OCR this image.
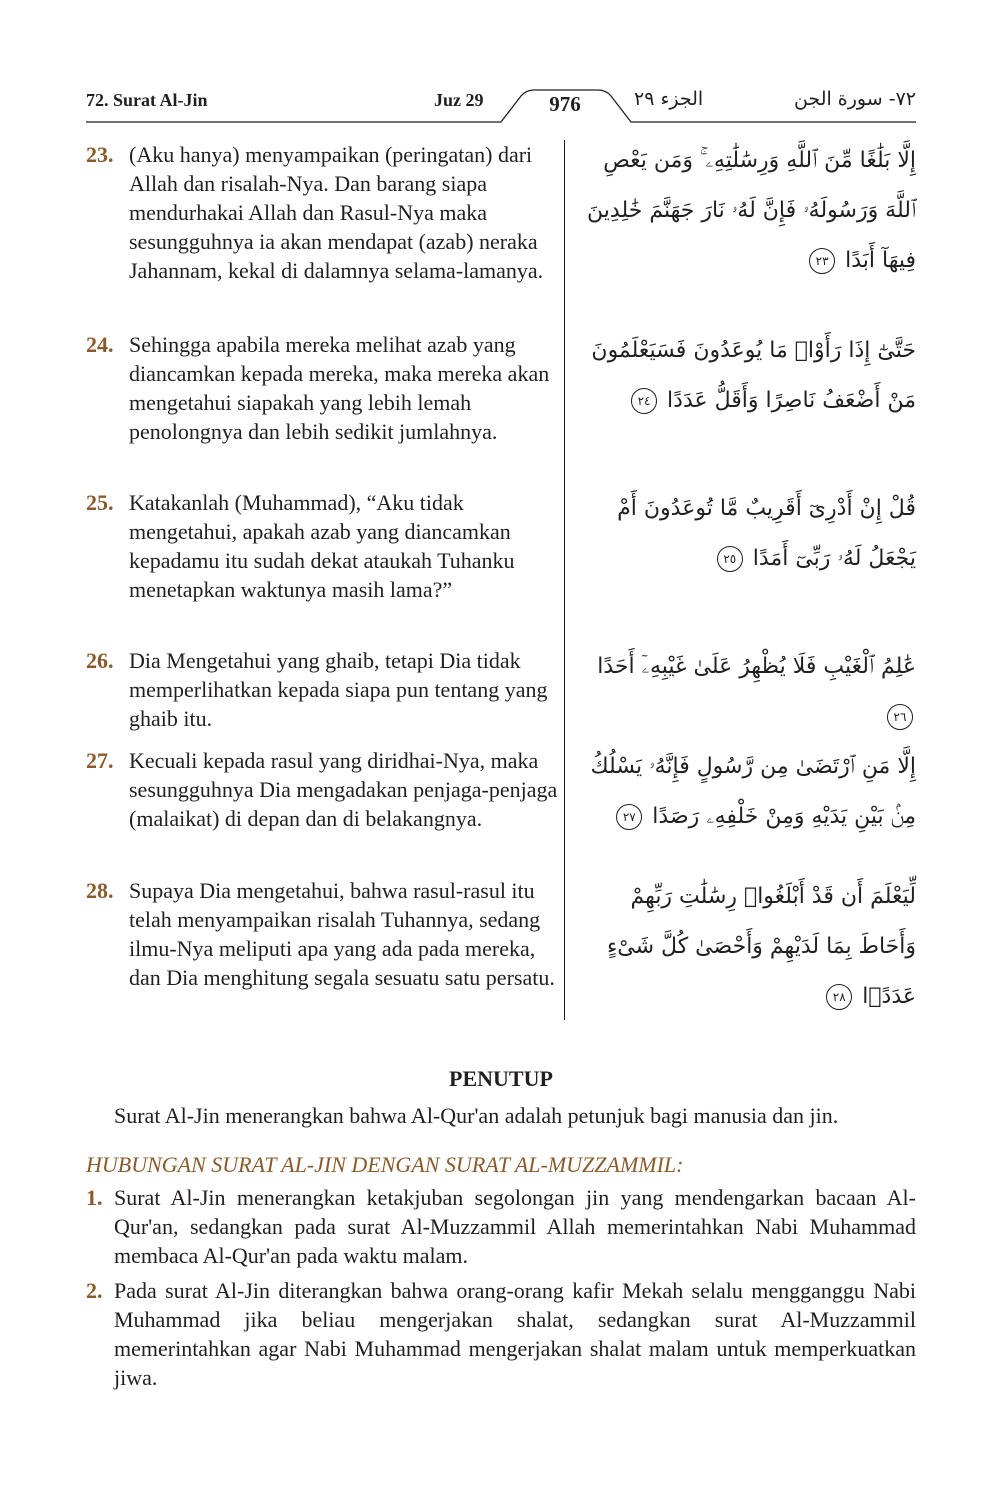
72. Surat Al-Jin	Juz 29	976	الجزء ٢٩	٧٢- سورة الجن
23. (Aku hanya) menyampaikan (peringatan) dari Allah dan risalah-Nya. Dan barang siapa mendurhakai Allah dan Rasul-Nya maka sesungguhnya ia akan mendapat (azab) neraka Jahannam, kekal di dalamnya selama-lamanya.
إِلَّا بَلَٰغًا مِّنَ ٱللَّهِ وَرِسَٰلَٰتِهِۦ ۚ وَمَن يَعْصِ ٱللَّهَ وَرَسُولَهُۥ فَإِنَّ لَهُۥ نَارَ جَهَنَّمَ خَٰلِدِينَ فِيهَآ أَبَدًا ٢٣
24. Sehingga apabila mereka melihat azab yang diancamkan kepada mereka, maka mereka akan mengetahui siapakah yang lebih lemah penolongnya dan lebih sedikit jumlahnya.
حَتَّىٰٓ إِذَا رَأَوْا۟ مَا يُوعَدُونَ فَسَيَعْلَمُونَ مَنْ أَضْعَفُ نَاصِرًا وَأَقَلُّ عَدَدًا ٢٤
25. Katakanlah (Muhammad), “Aku tidak mengetahui, apakah azab yang diancamkan kepadamu itu sudah dekat ataukah Tuhanku menetapkan waktunya masih lama?”
قُلْ إِنْ أَدْرِىٓ أَقَرِيبٌ مَّا تُوعَدُونَ أَمْ يَجْعَلُ لَهُۥ رَبِّىٓ أَمَدًا ٢٥
26. Dia Mengetahui yang ghaib, tetapi Dia tidak memperlihatkan kepada siapa pun tentang yang ghaib itu.
عَٰلِمُ ٱلْغَيْبِ فَلَا يُظْهِرُ عَلَىٰ غَيْبِهِۦٓ أَحَدًا ٢٦
27. Kecuali kepada rasul yang diridhai-Nya, maka sesungguhnya Dia mengadakan penjaga-penjaga (malaikat) di depan dan di belakangnya.
إِلَّا مَنِ ٱرْتَضَىٰ مِن رَّسُولٍ فَإِنَّهُۥ يَسْلُكُ مِنۢ بَيْنِ يَدَيْهِ وَمِنْ خَلْفِهِۦ رَصَدًا ٢٧
28. Supaya Dia mengetahui, bahwa rasul-rasul itu telah menyampaikan risalah Tuhannya, sedang ilmu-Nya meliputi apa yang ada pada mereka, dan Dia menghitung segala sesuatu satu persatu.
لِّيَعْلَمَ أَن قَدْ أَبْلَغُوا۟ رِسَٰلَٰتِ رَبِّهِمْ وَأَحَاطَ بِمَا لَدَيْهِمْ وَأَحْصَىٰ كُلَّ شَىْءٍ عَدَدًۢا ٢٨
PENUTUP
Surat Al-Jin menerangkan bahwa Al-Qur'an adalah petunjuk bagi manusia dan jin.
HUBUNGAN SURAT AL-JIN DENGAN SURAT AL-MUZZAMMIL:
1. Surat Al-Jin menerangkan ketakjuban segolongan jin yang mendengarkan bacaan Al-Qur'an, sedangkan pada surat Al-Muzzammil Allah memerintahkan Nabi Muhammad membaca Al-Qur'an pada waktu malam.
2. Pada surat Al-Jin diterangkan bahwa orang-orang kafir Mekah selalu mengganggu Nabi Muhammad jika beliau mengerjakan shalat, sedangkan surat Al-Muzzammil memerintahkan agar Nabi Muhammad mengerjakan shalat malam untuk memperkuatkan jiwa.
